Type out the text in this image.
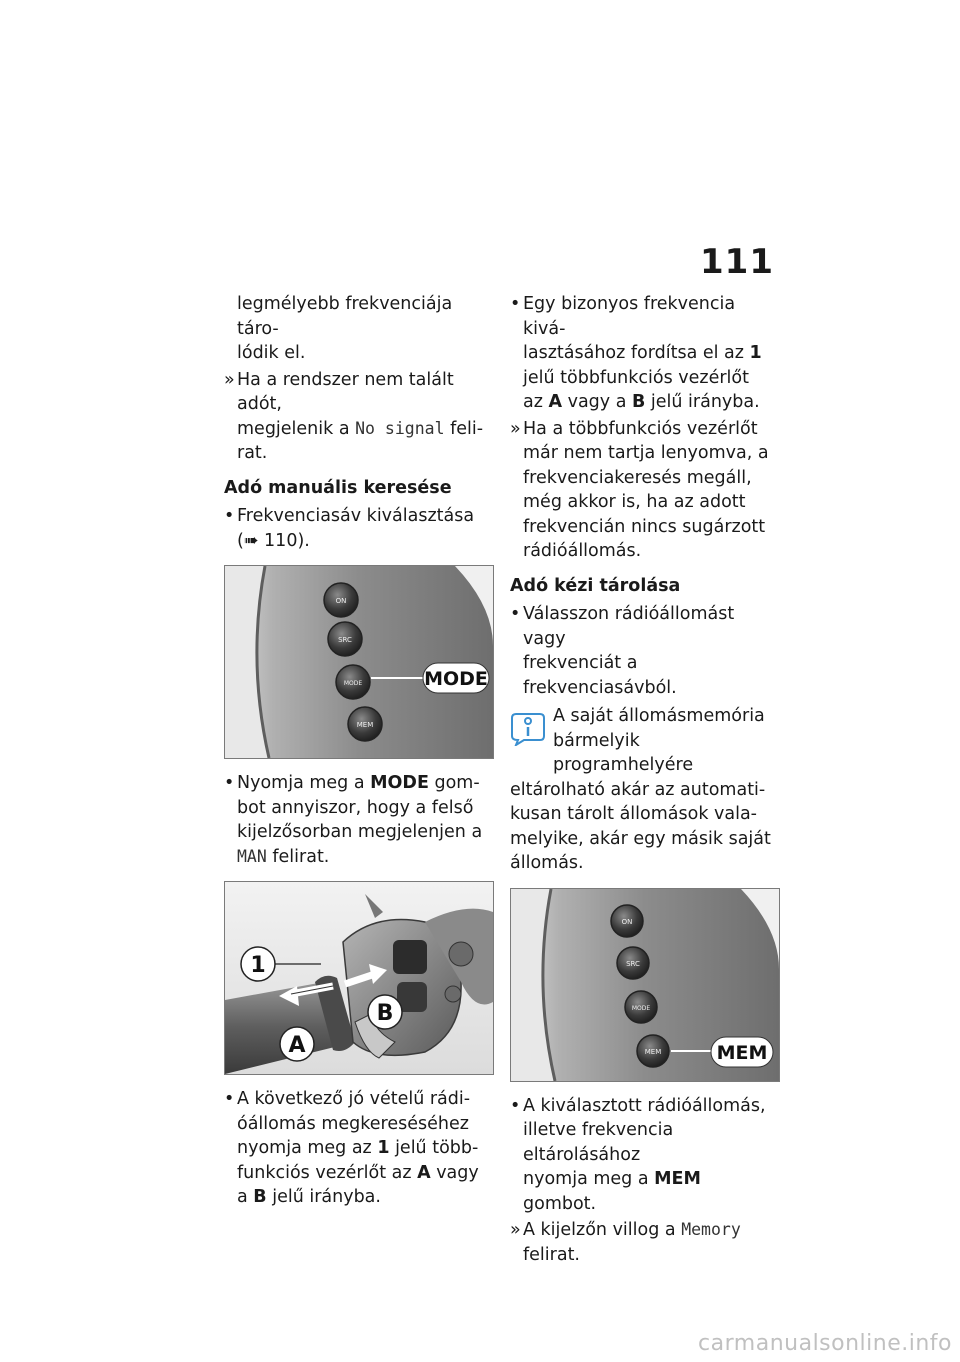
111
legmélyebb frekvenciája táro-
lódik el.
» Ha a rendszer nem talált adót,
megjelenik a No signal feli-
rat.
Adó manuális keresése
• Frekvenciasáv kiválasztása
(➠ 110).
ON
SRC
MODE
MEM
MODE
• Nyomja meg a MODE gom-
bot annyiszor, hogy a felső
kijelzősorban megjelenjen a
MAN felirat.
1
B
A
• A következő jó vételű rádi-
óállomás megkereséséhez
nyomja meg az 1 jelű több-
funkciós vezérlőt az A vagy
a B jelű irányba.
• Egy bizonyos frekvencia kivá-
lasztásához fordítsa el az 1
jelű többfunkciós vezérlőt
az A vagy a B jelű irányba.
» Ha a többfunkciós vezérlőt
már nem tartja lenyomva, a
frekvenciakeresés megáll,
még akkor is, ha az adott
frekvencián nincs sugárzott
rádióállomás.
Adó kézi tárolása
• Válasszon rádióállomást vagy
frekvenciát a frekvenciasávból.
A saját állomásmemória
bármelyik programhelyére
eltárolható akár az automati-
kusan tárolt állomások vala-
melyike, akár egy másik saját
állomás.
ON
SRC
MODE
MEM	MEM
• A kiválasztott rádióállomás,
illetve frekvencia eltárolásához
nyomja meg a MEM gombot.
» A kijelzőn villog a Memory
felirat.
carmanualsonline.info
